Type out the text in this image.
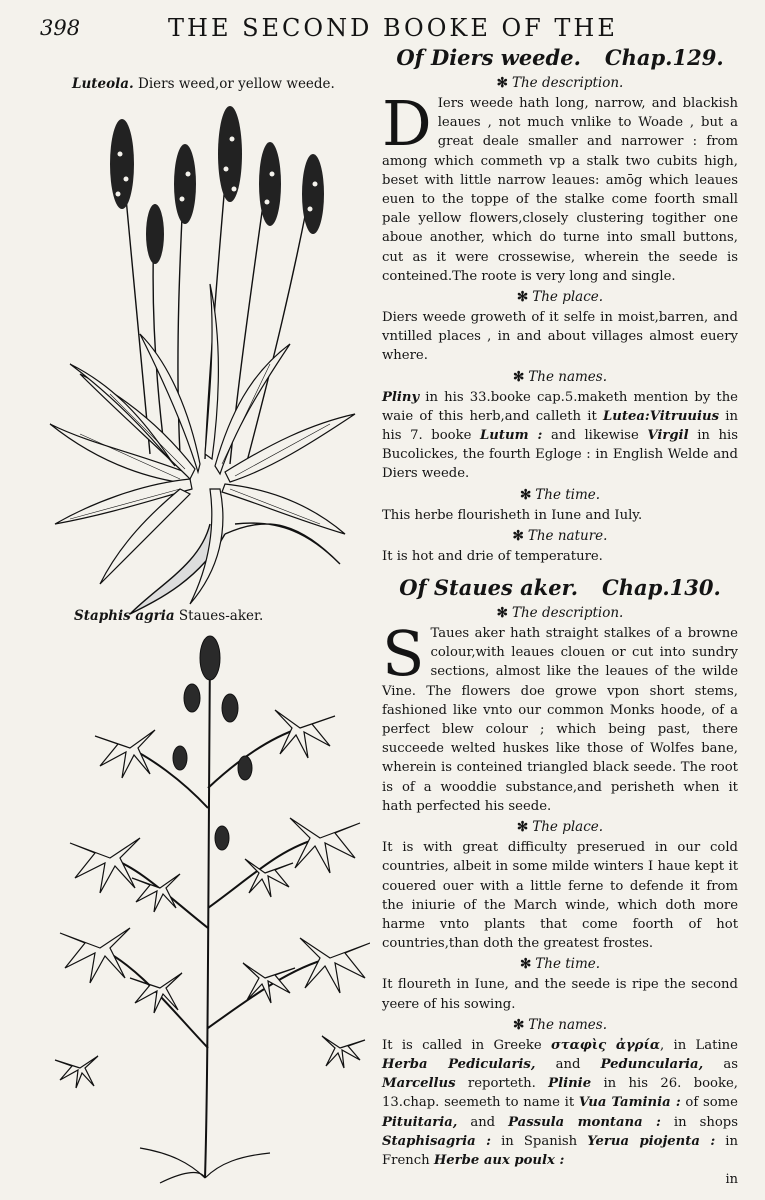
398	THE SECOND BOOKE OF THE
Luteola. Diers weed,or yellow weede.
Staphis agria Staues-aker.
Of Diers weede. Chap.129.
✻ The description.

D Iers weede hath long, narrow, and blackish leaues , not much vnlike to Woade , but a great deale smaller and narrower : from among which commeth vp a stalk two cubits high, beset with little narrow leaues: amōg which leaues euen to the toppe of the stalke come foorth small pale yellow flowers,closely clustering togither one aboue another, which do turne into small buttons, cut as it were crossewise, wherein the seede is conteined.The roote is very long and single.

✻ The place.

Diers weede groweth of it selfe in moist,barren, and vntilled places , in and about villages almost euery where.

✻ The names.

Pliny in his 33.booke cap.5.maketh mention by the waie of this herb,and calleth it Lutea:Vitruuius in his 7. booke Lutum : and likewise Virgil in his Bucolickes, the fourth Egloge : in English Welde and Diers weede.

✻ The time.

This herbe flourisheth in Iune and Iuly.

✻ The nature.

It is hot and drie of temperature.

Of Staues aker. Chap.130.
✻ The description.

S Taues aker hath straight stalkes of a browne colour,with leaues clouen or cut into sundry sections, almost like the leaues of the wilde Vine. The flowers doe growe vpon short stems, fashioned like vnto our common Monks hoode, of a perfect blew colour ; which being past, there succeede welted huskes like those of Wolfes bane, wherein is conteined triangled black seede. The root is of a wooddie substance,and perisheth when it hath perfected his seede.

✻ The place.

It is with great difficulty preserued in our cold countries, albeit in some milde winters I haue kept it couered ouer with a little ferne to defende it from the iniurie of the March winde, which doth more harme vnto plants that come foorth of hot countries,than doth the greatest frostes.

✻ The time.

It floureth in Iune, and the seede is ripe the second yeere of his sowing.

✻ The names.

It is called in Greeke σταφὶς ἀγρία, in Latine Herba Pedicularis, and Peduncularia, as Marcellus reporteth. Plinie in his 26. booke, 13.chap. seemeth to name it Vua Taminia : of some Pituitaria, and Passula montana : in shops Staphisagria : in Spanish Yerua piojenta : in French Herbe aux poulx :

in
